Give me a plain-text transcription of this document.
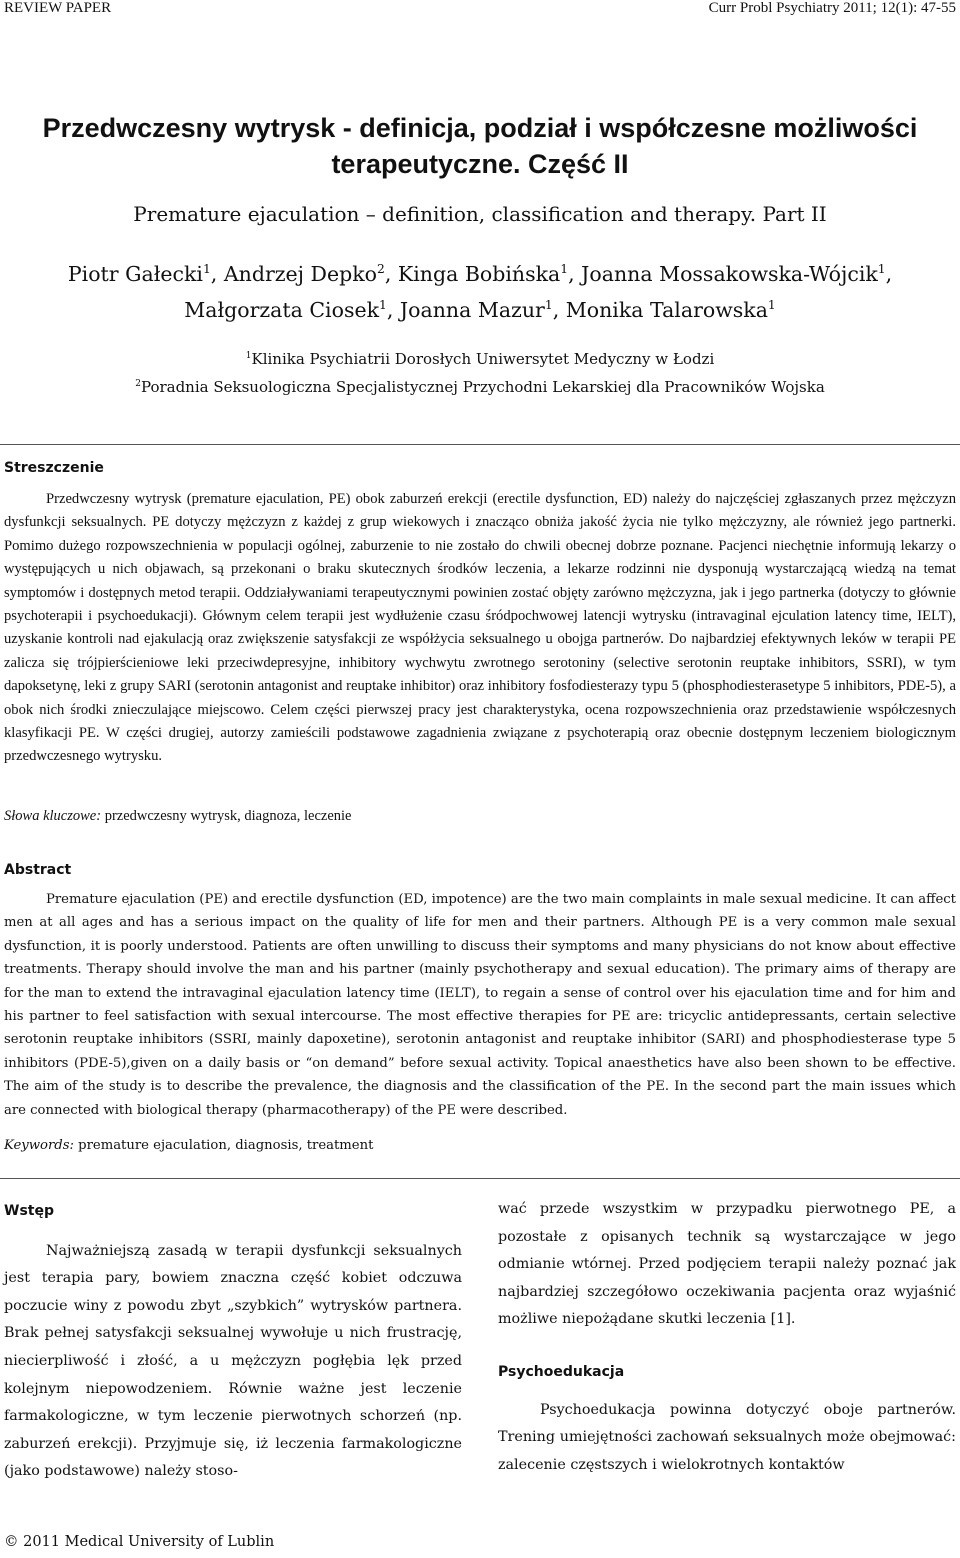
REVIEW PAPER	Curr Probl Psychiatry 2011; 12(1): 47-55
Przedwczesny wytrysk - definicja, podział i współczesne możliwości
terapeutyczne. Część II
Premature ejaculation – definition, classification and therapy. Part II
Piotr Gałecki$^1$, Andrzej Depko$^2$, Kinga Bobińska$^1$, Joanna Mossakowska-Wójcik$^1$,
Małgorzata Ciosek$^1$, Joanna Mazur$^1$, Monika Talarowska$^1$
$^1$Klinika Psychiatrii Dorosłych Uniwersytet Medyczny w Łodzi
$^2$Poradnia Seksuologiczna Specjalistycznej Przychodni Lekarskiej dla Pracowników Wojska
Streszczenie
Przedwczesny wytrysk (premature ejaculation, PE) obok zaburzeń erekcji (erectile dysfunction, ED) należy do najczęściej zgłaszanych przez mężczyzn dysfunkcji seksualnych. PE dotyczy mężczyzn z każdej z grup wiekowych i znacząco obniża jakość życia nie tylko mężczyzny, ale również jego partnerki. Pomimo dużego rozpowszechnienia w populacji ogólnej, zaburzenie to nie zostało do chwili obecnej dobrze poznane. Pacjenci niechętnie informują lekarzy o występujących u nich objawach, są przekonani o braku skutecznych środków leczenia, a lekarze rodzinni nie dysponują wystarczającą wiedzą na temat symptomów i dostępnych metod terapii. Oddziaływaniami terapeutycznymi powinien zostać objęty zarówno mężczyzna, jak i jego partnerka (dotyczy to głównie psychoterapii i psychoedukacji). Głównym celem terapii jest wydłużenie czasu śródpochwowej latencji wytrysku (intravaginal ejculation latency time, IELT), uzyskanie kontroli nad ejakulacją oraz zwiększenie satysfakcji ze współżycia seksualnego u obojga partnerów. Do najbardziej efektywnych leków w terapii PE zalicza się trójpierścieniowe leki przeciwdepresyjne, inhibitory wychwytu zwrotnego serotoniny (selective serotonin reuptake inhibitors, SSRI), w tym dapoksetynę, leki z grupy SARI (serotonin antagonist and reuptake inhibitor) oraz inhibitory fosfodiesterazy typu 5 (phosphodiesterasetype 5 inhibitors, PDE-5), a obok nich środki znieczulające miejscowo. Celem części pierwszej pracy jest charakterystyka, ocena rozpowszechnienia oraz przedstawienie współczesnych klasyfikacji PE. W części drugiej, autorzy zamieścili podstawowe zagadnienia związane z psychoterapią oraz obecnie dostępnym leczeniem biologicznym przedwczesnego wytrysku.
Słowa kluczowe: przedwczesny wytrysk, diagnoza, leczenie
Abstract
Premature ejaculation (PE) and erectile dysfunction (ED, impotence) are the two main complaints in male sexual medicine. It can affect men at all ages and has a serious impact on the quality of life for men and their partners. Although PE is a very common male sexual dysfunction, it is poorly understood. Patients are often unwilling to discuss their symptoms and many physicians do not know about effective treatments. Therapy should involve the man and his partner (mainly psychotherapy and sexual education). The primary aims of therapy are for the man to extend the intravaginal ejaculation latency time (IELT), to regain a sense of control over his ejaculation time and for him and his partner to feel satisfaction with sexual intercourse. The most effective therapies for PE are: tricyclic antidepressants, certain selective serotonin reuptake inhibitors (SSRI, mainly dapoxetine), serotonin antagonist and reuptake inhibitor (SARI) and phosphodiesterase type 5 inhibitors (PDE-5),given on a daily basis or “on demand” before sexual activity. Topical anaesthetics have also been shown to be effective. The aim of the study is to describe the prevalence, the diagnosis and the classification of the PE. In the second part the main issues which are connected with biological therapy (pharmacotherapy) of the PE were described.
Keywords: premature ejaculation, diagnosis, treatment
Wstęp

Najważniejszą zasadą w terapii dysfunkcji seksualnych jest terapia pary, bowiem znaczna część kobiet odczuwa poczucie winy z powodu zbyt „szybkich” wytrysków partnera. Brak pełnej satysfakcji seksualnej wywołuje u nich frustrację, niecierpliwość i złość, a u mężczyzn pogłębia lęk przed kolejnym niepowodzeniem. Równie ważne jest leczenie farmakologiczne, w tym leczenie pierwotnych schorzeń (np. zaburzeń erekcji). Przyjmuje się, iż leczenia farmakologiczne (jako podstawowe) należy stoso-

wać przede wszystkim w przypadku pierwotnego PE, a pozostałe z opisanych technik są wystarczające w jego odmianie wtórnej. Przed podjęciem terapii należy poznać jak najbardziej szczegółowo oczekiwania pacjenta oraz wyjaśnić możliwe niepożądane skutki leczenia [1].

Psychoedukacja

Psychoedukacja powinna dotyczyć oboje partnerów. Trening umiejętności zachowań seksualnych może obejmować: zalecenie częstszych i wielokrotnych kontaktów

© 2011 Medical University of Lublin
